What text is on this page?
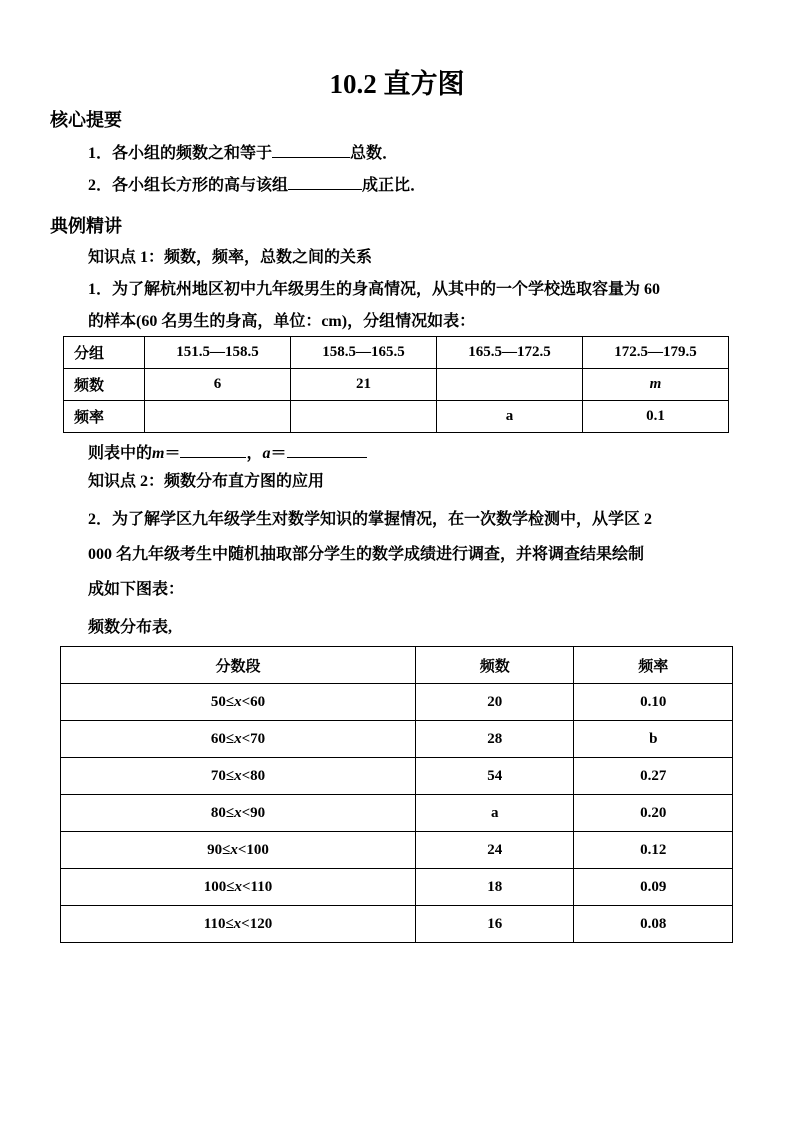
10.2 直方图
核心提要
1．各小组的频数之和等于	总数．
2．各小组长方形的高与该组	成正比．
典例精讲
知识点 1：频数，频率，总数之间的关系
1．为了解杭州地区初中九年级男生的身高情况，从其中的一个学校选取容量为 60
的样本(60 名男生的身高，单位：cm)，分组情况如表：
分组	151.5—158.5	158.5—165.5	165.5—172.5	172.5—179.5
频数	6	21		m
频率			a	0.1
则表中的m＝	，a＝
知识点 2：频数分布直方图的应用
2．为了解学区九年级学生对数学知识的掌握情况，在一次数学检测中，从学区 2
000 名九年级考生中随机抽取部分学生的数学成绩进行调查，并将调查结果绘制
成如下图表：
频数分布表,
分数段	频数	频率
50≤x<60	20	0.10
60≤x<70	28	b
70≤x<80	54	0.27
80≤x<90	a	0.20
90≤x<100	24	0.12
100≤x<110	18	0.09
110≤x<120	16	0.08
